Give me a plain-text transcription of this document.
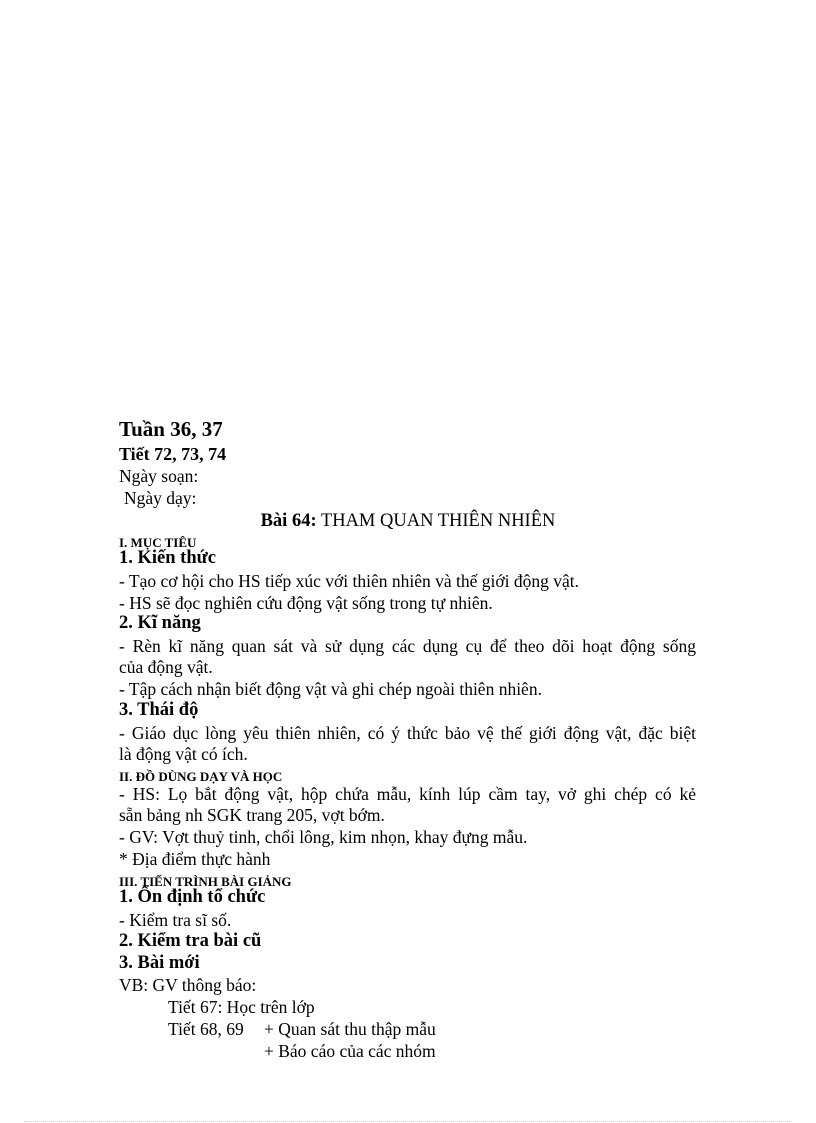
Tuần 36, 37
Tiết 72, 73, 74
Ngày soạn:
Ngày dạy:
Bài 64: THAM QUAN THIÊN NHIÊN
I. MỤC TIÊU
1. Kiến thức
- Tạo cơ hội cho HS tiếp xúc với thiên nhiên và thế giới động vật.
- HS sẽ đọc nghiên cứu động vật sống trong tự nhiên.
2. Kĩ năng
- Rèn kĩ năng quan sát và sử dụng các dụng cụ để theo dõi hoạt động sống
của động vật.
- Tập cách nhận biết động vật và ghi chép ngoài thiên nhiên.
3. Thái độ
- Giáo dục lòng yêu thiên nhiên, có ý thức bảo vệ thế giới động vật, đặc biệt
là động vật có ích.
II. ĐỒ DÙNG DẠY VÀ HỌC
- HS: Lọ bắt động vật, hộp chứa mẫu, kính lúp cầm tay, vở ghi chép có kẻ
sẵn bảng nh SGK trang 205, vợt bớm.
- GV: Vợt thuỷ tinh, chổi lông, kim nhọn, khay đựng mẫu.
* Địa điểm thực hành
III. TIẾN TRÌNH BÀI GIẢNG
1. Ổn định tổ chức
- Kiểm tra sĩ số.
2. Kiểm tra bài cũ
3. Bài mới
VB: GV thông báo:
Tiết 67: Học trên lớp
Tiết 68, 69 + Quan sát thu thập mẫu
+ Báo cáo của các nhóm
